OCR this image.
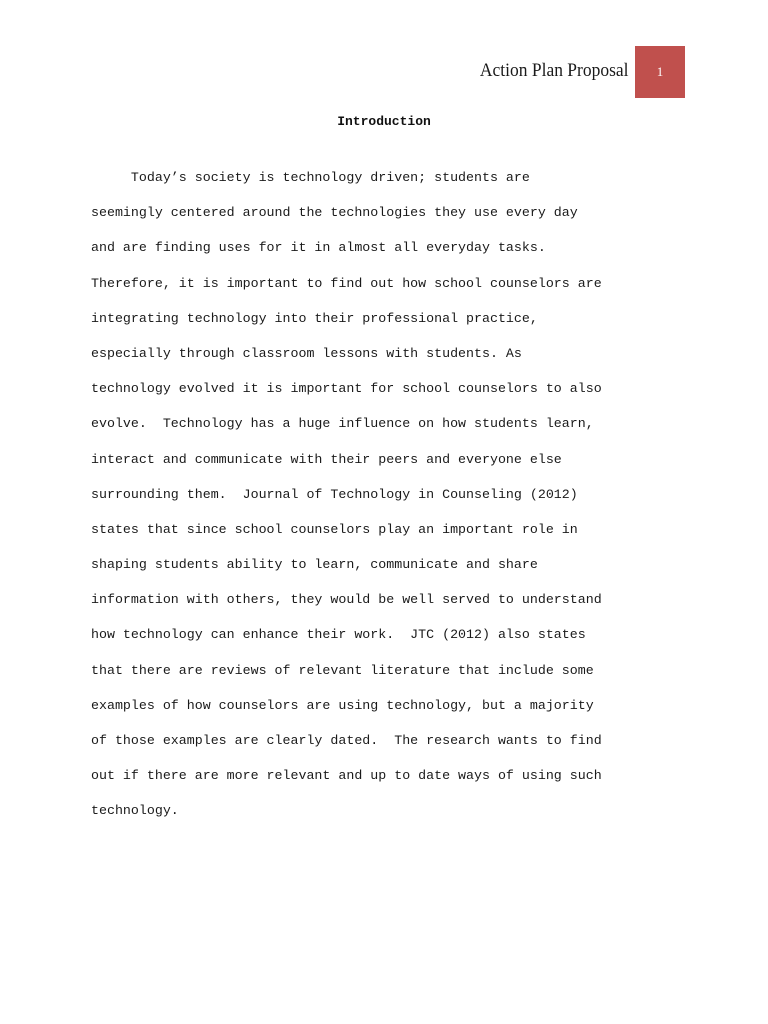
Action Plan Proposal	1
Introduction
Today’s society is technology driven; students are
seemingly centered around the technologies they use every day
and are finding uses for it in almost all everyday tasks.
Therefore, it is important to find out how school counselors are
integrating technology into their professional practice,
especially through classroom lessons with students. As
technology evolved it is important for school counselors to also
evolve.  Technology has a huge influence on how students learn,
interact and communicate with their peers and everyone else
surrounding them.  Journal of Technology in Counseling (2012)
states that since school counselors play an important role in
shaping students ability to learn, communicate and share
information with others, they would be well served to understand
how technology can enhance their work.  JTC (2012) also states
that there are reviews of relevant literature that include some
examples of how counselors are using technology, but a majority
of those examples are clearly dated.  The research wants to find
out if there are more relevant and up to date ways of using such
technology.
